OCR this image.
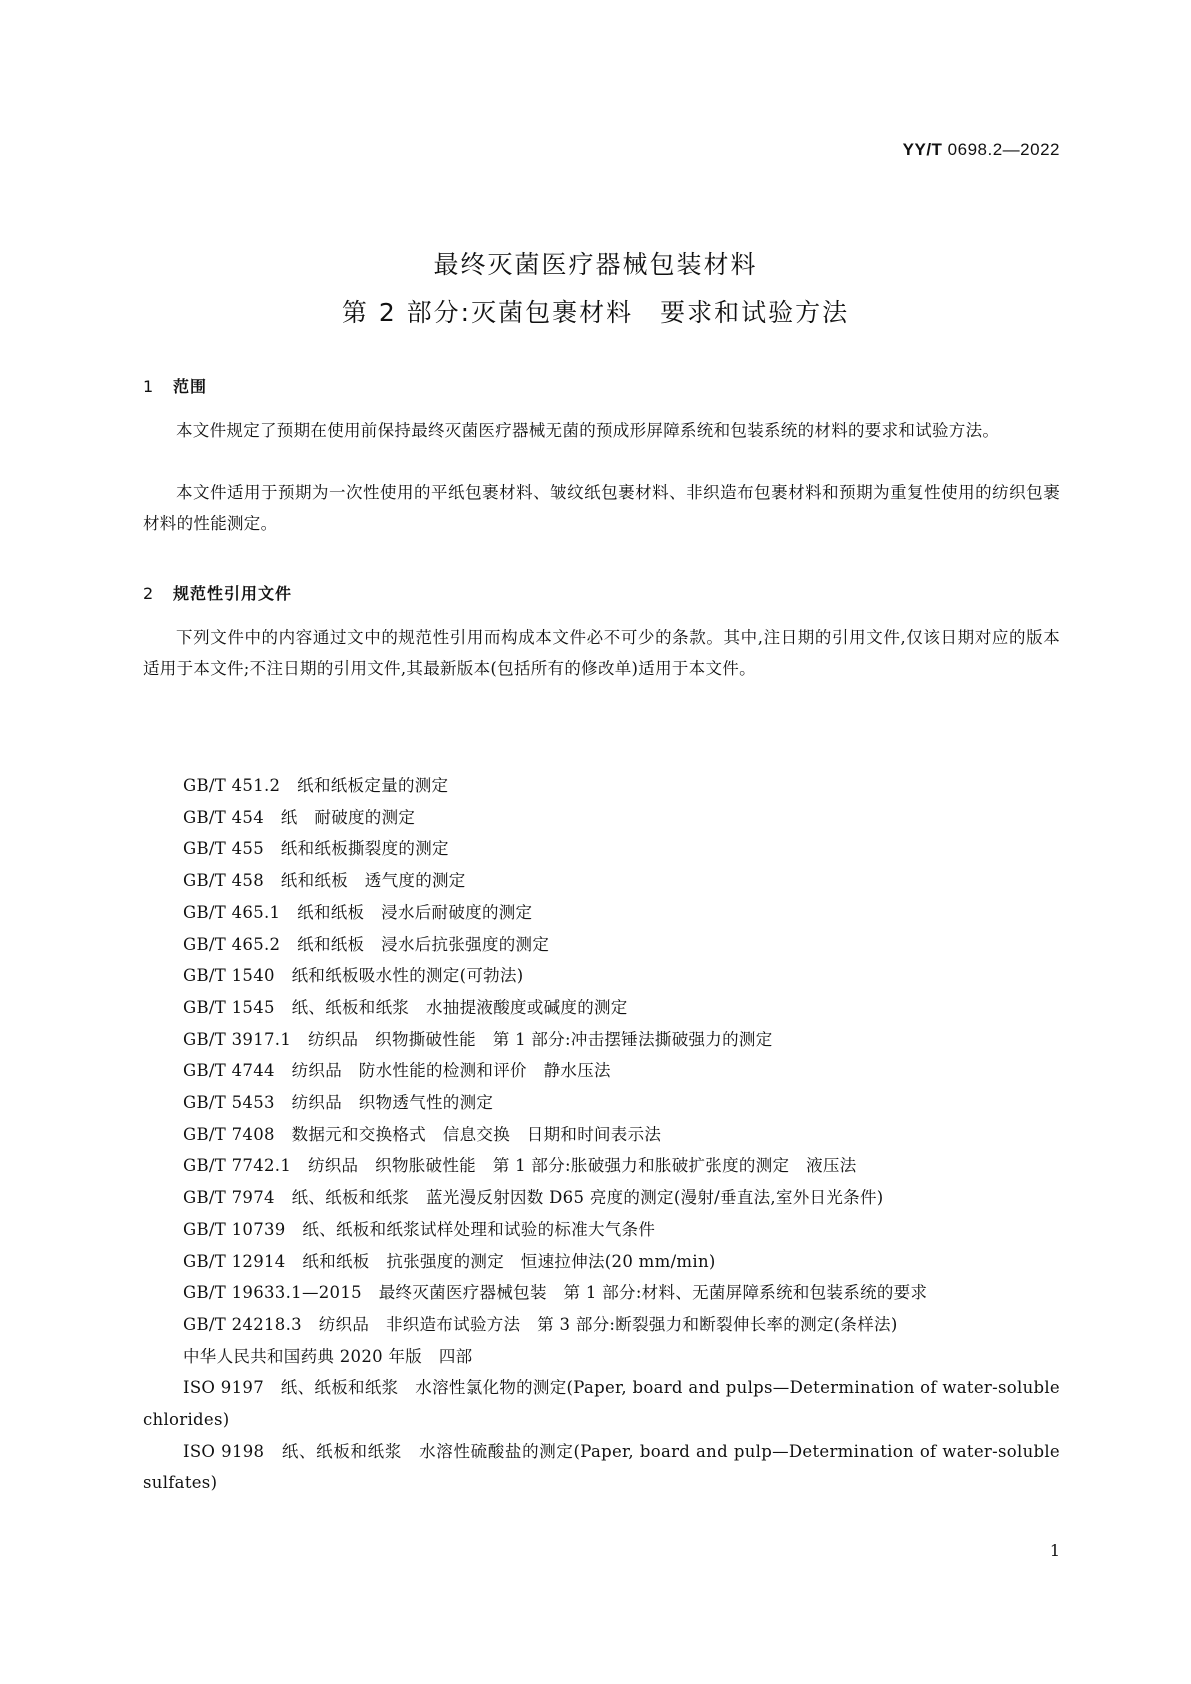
YY/T 0698.2—2022
最终灭菌医疗器械包装材料
第 2 部分:灭菌包裹材料　要求和试验方法
1 范围

本文件规定了预期在使用前保持最终灭菌医疗器械无菌的预成形屏障系统和包装系统的材料的要求和试验方法。

本文件适用于预期为一次性使用的平纸包裹材料、皱纹纸包裹材料、非织造布包裹材料和预期为重复性使用的纺织包裹材料的性能测定。

2 规范性引用文件

下列文件中的内容通过文中的规范性引用而构成本文件必不可少的条款。其中,注日期的引用文件,仅该日期对应的版本适用于本文件;不注日期的引用文件,其最新版本(包括所有的修改单)适用于本文件。

GB/T 451.2　纸和纸板定量的测定
GB/T 454　纸　耐破度的测定
GB/T 455　纸和纸板撕裂度的测定
GB/T 458　纸和纸板　透气度的测定
GB/T 465.1　纸和纸板　浸水后耐破度的测定
GB/T 465.2　纸和纸板　浸水后抗张强度的测定
GB/T 1540　纸和纸板吸水性的测定(可勃法)
GB/T 1545　纸、纸板和纸浆　水抽提液酸度或碱度的测定
GB/T 3917.1　纺织品　织物撕破性能　第 1 部分:冲击摆锤法撕破强力的测定
GB/T 4744　纺织品　防水性能的检测和评价　静水压法
GB/T 5453　纺织品　织物透气性的测定
GB/T 7408　数据元和交换格式　信息交换　日期和时间表示法
GB/T 7742.1　纺织品　织物胀破性能　第 1 部分:胀破强力和胀破扩张度的测定　液压法
GB/T 7974　纸、纸板和纸浆　蓝光漫反射因数 D65 亮度的测定(漫射/垂直法,室外日光条件)
GB/T 10739　纸、纸板和纸浆试样处理和试验的标准大气条件
GB/T 12914　纸和纸板　抗张强度的测定　恒速拉伸法(20 mm/min)
GB/T 19633.1—2015　最终灭菌医疗器械包装　第 1 部分:材料、无菌屏障系统和包装系统的要求
GB/T 24218.3　纺织品　非织造布试验方法　第 3 部分:断裂强力和断裂伸长率的测定(条样法)
中华人民共和国药典 2020 年版　四部
ISO 9197　纸、纸板和纸浆　水溶性氯化物的测定(Paper, board and pulps—Determination of water-soluble chlorides)
ISO 9198　纸、纸板和纸浆　水溶性硫酸盐的测定(Paper, board and pulp—Determination of water-soluble sulfates)
1
